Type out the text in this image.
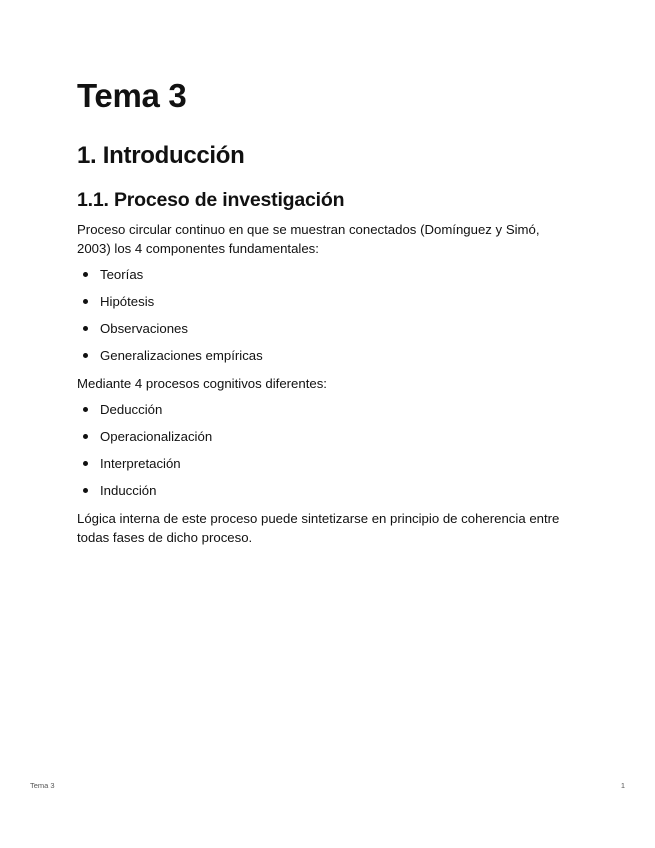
Tema 3
1. Introducción
1.1. Proceso de investigación

Proceso circular continuo en que se muestran conectados (Domínguez y Simó, 2003) los 4 componentes fundamentales:

Teorías
Hipótesis
Observaciones
Generalizaciones empíricas

Mediante 4 procesos cognitivos diferentes:

Deducción
Operacionalización
Interpretación
Inducción

Lógica interna de este proceso puede sintetizarse en principio de coherencia entre todas fases de dicho proceso.

Tema 3	1
